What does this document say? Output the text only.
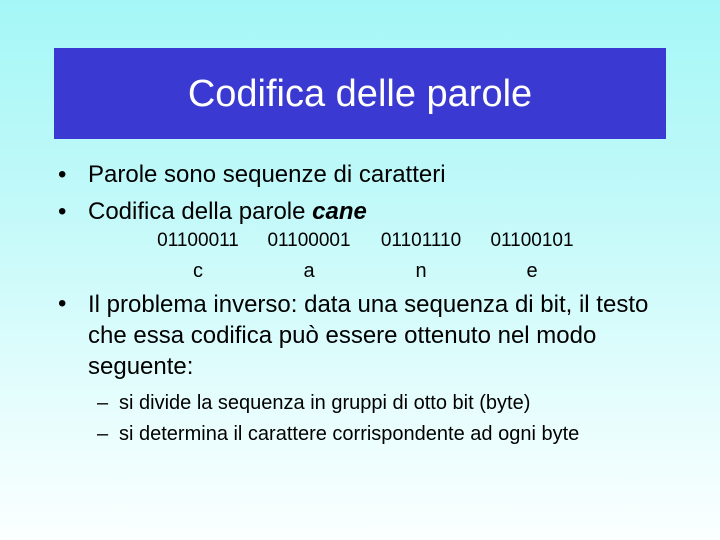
Codifica delle parole
• Parole sono sequenze di caratteri
• Codifica della parole cane
01100011
c
01100001
a
01101110
n
01100101
e
• Il problema inverso: data una sequenza di bit, il testo che essa codifica può essere ottenuto nel modo seguente:
– si divide la sequenza in gruppi di otto bit (byte)
– si determina il carattere corrispondente ad ogni byte
